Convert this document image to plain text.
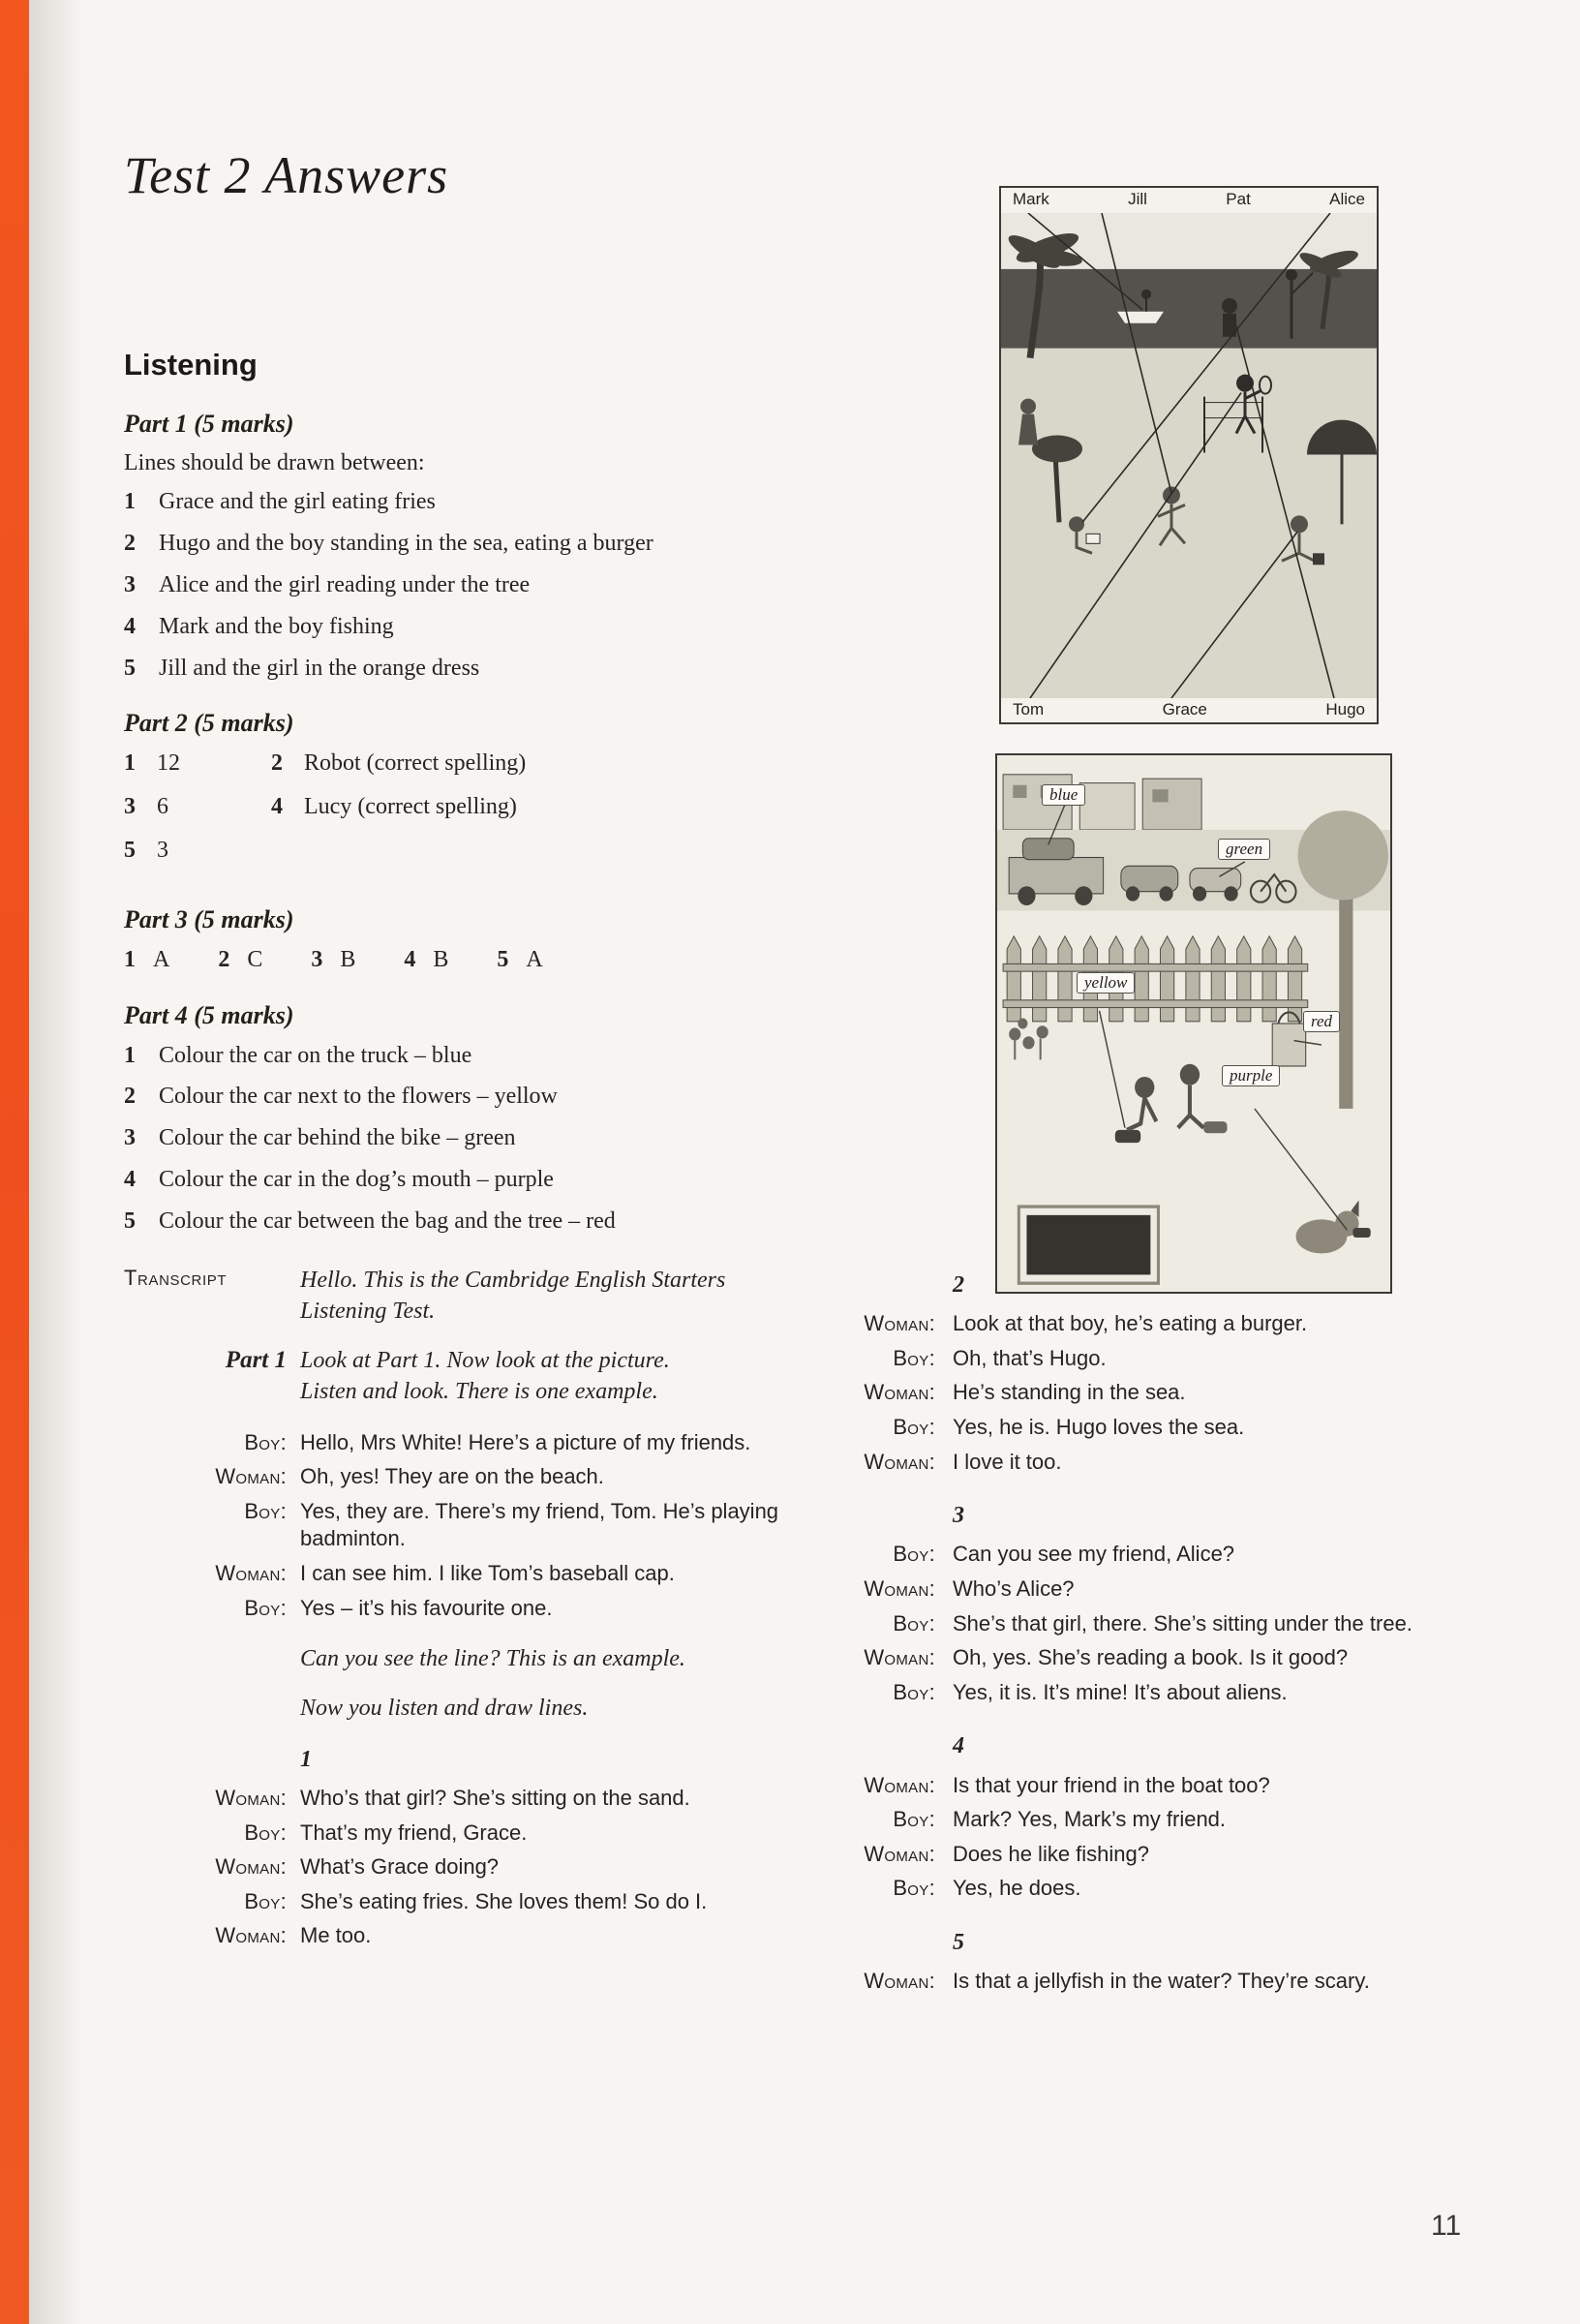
Test 2 Answers
Listening
Part 1 (5 marks)

Lines should be drawn between:

1	Grace and the girl eating fries
2	Hugo and the boy standing in the sea, eating a burger
3	Alice and the girl reading under the tree
4	Mark and the boy fishing
5	Jill and the girl in the orange dress
Part 2 (5 marks)
1 12	2 Robot (correct spelling)
3 6	4 Lucy (correct spelling)
5 3
Part 3 (5 marks)
1 A 2 C 3 B 4 B 5 A
Part 4 (5 marks)
1	Colour the car on the truck – blue
2	Colour the car next to the flowers – yellow
3	Colour the car behind the bike – green
4	Colour the car in the dog’s mouth – purple
5	Colour the car between the bag and the tree – red
Mark	Jill	Pat	Alice
Tom	Grace	Hugo
blue
green
yellow
red
purple
Transcript	Hello. This is the Cambridge English Starters Listening Test.
Part 1 Look at Part 1. Now look at the picture. Listen and look. There is one example.
Boy: Hello, Mrs White! Here’s a picture of my friends.
Woman: Oh, yes! They are on the beach.
Boy: Yes, they are. There’s my friend, Tom. He’s playing badminton.
Woman: I can see him. I like Tom’s baseball cap.
Boy: Yes – it’s his favourite one.
Can you see the line? This is an example.
Now you listen and draw lines.
1
Woman: Who’s that girl? She’s sitting on the sand.
Boy: That’s my friend, Grace.
Woman: What’s Grace doing?
Boy: She’s eating fries. She loves them! So do I.
Woman: Me too.
2
Woman: Look at that boy, he’s eating a burger.
Boy: Oh, that’s Hugo.
Woman: He’s standing in the sea.
Boy: Yes, he is. Hugo loves the sea.
Woman: I love it too.
3
Boy: Can you see my friend, Alice?
Woman: Who’s Alice?
Boy: She’s that girl, there. She’s sitting under the tree.
Woman: Oh, yes. She’s reading a book. Is it good?
Boy: Yes, it is. It’s mine! It’s about aliens.
4
Woman: Is that your friend in the boat too?
Boy: Mark? Yes, Mark’s my friend.
Woman: Does he like fishing?
Boy: Yes, he does.
5
Woman: Is that a jellyfish in the water? They’re scary.
11
